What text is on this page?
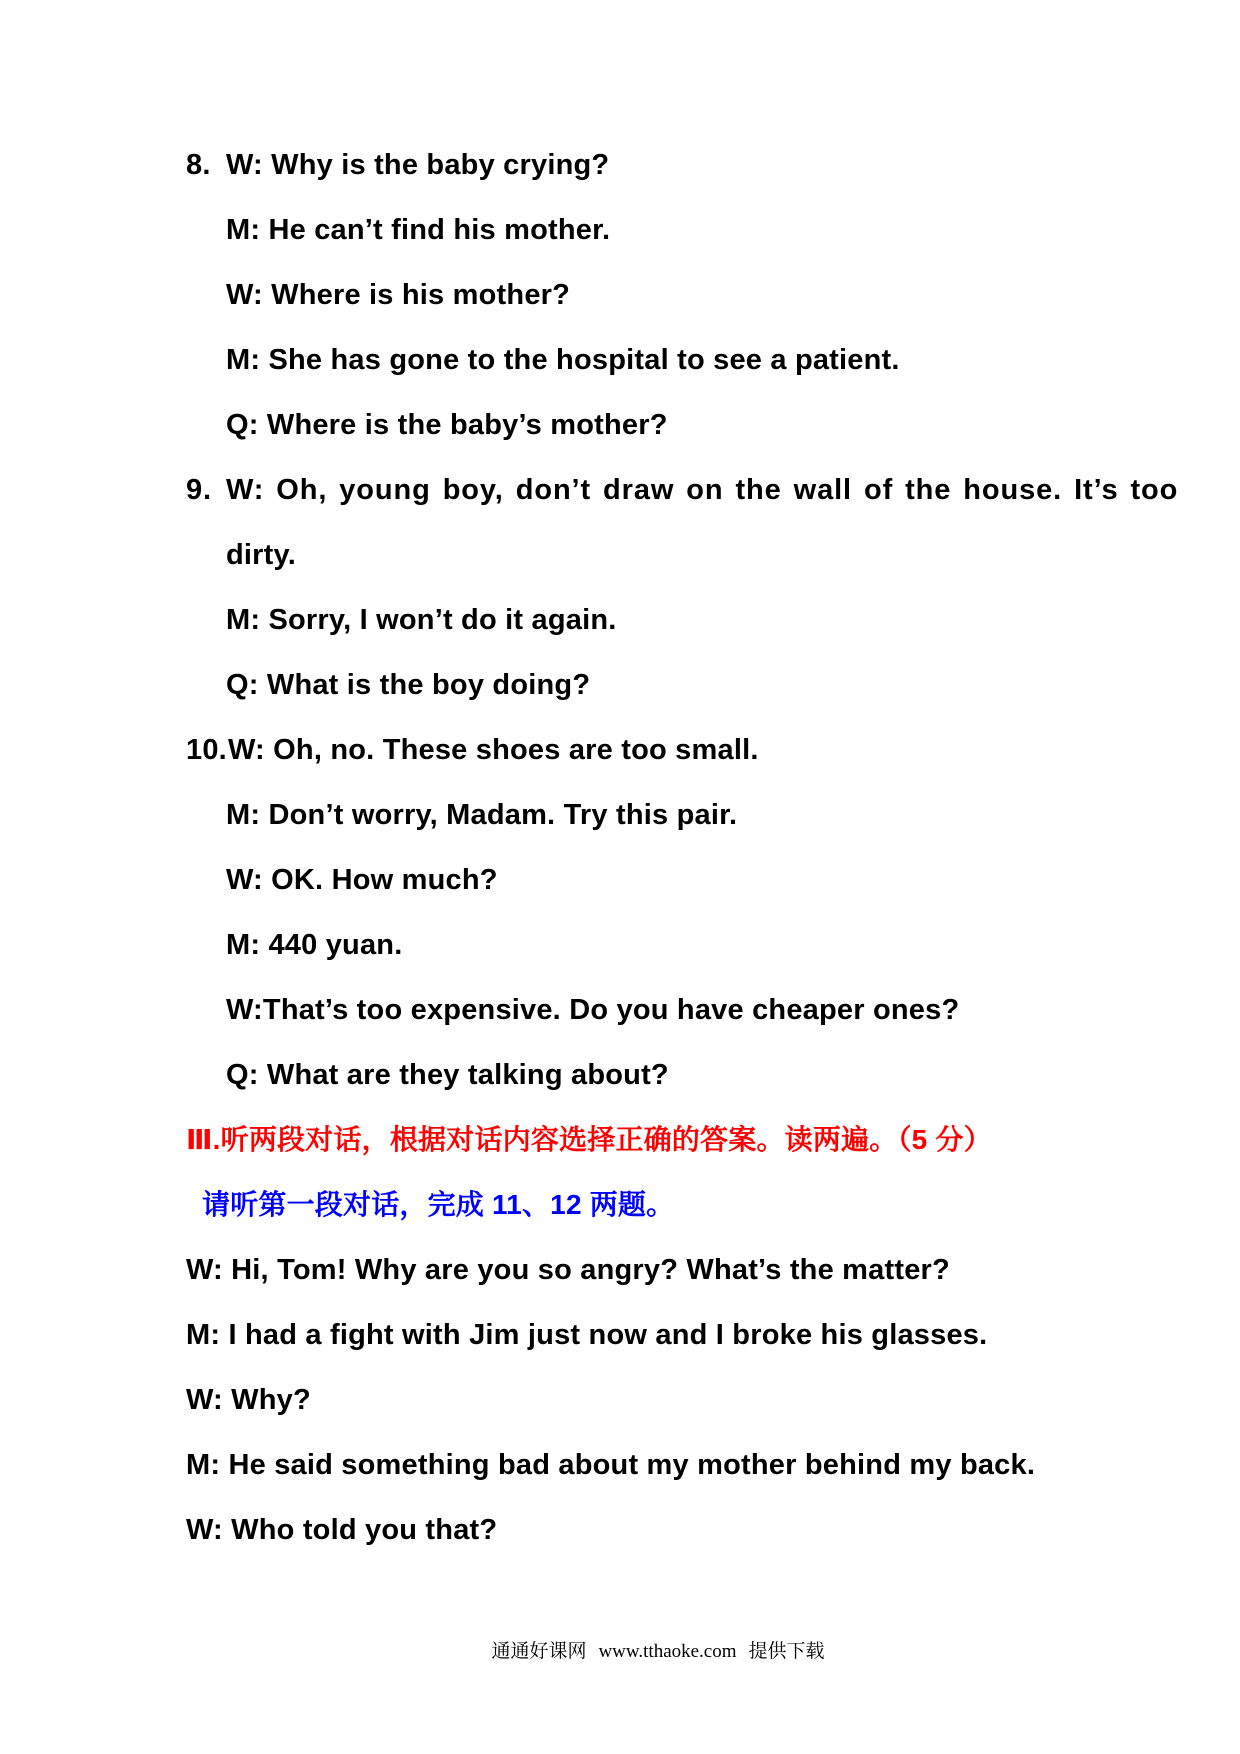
8. W: Why is the baby crying?
M: He can’t find his mother.
W: Where is his mother?
M: She has gone to the hospital to see a patient.
Q: Where is the baby’s mother?
9. W: Oh, young boy, don’t draw on the wall of the house. It’s too
dirty.
M: Sorry, I won’t do it again.
Q: What is the boy doing?
10.W: Oh, no. These shoes are too small.
M: Don’t worry, Madam. Try this pair.
W: OK. How much?
M: 440 yuan.
W:That’s too expensive. Do you have cheaper ones?
Q: What are they talking about?
Ⅲ.听两段对话，根据对话内容选择正确的答案。读两遍。（5 分）
请听第一段对话，完成 11、12 两题。
W: Hi, Tom! Why are you so angry? What’s the matter?
M: I had a fight with Jim just now and I broke his glasses.
W: Why?
M: He said something bad about my mother behind my back.
W: Who told you that?
通通好课网 www.tthaoke.com 提供下载
